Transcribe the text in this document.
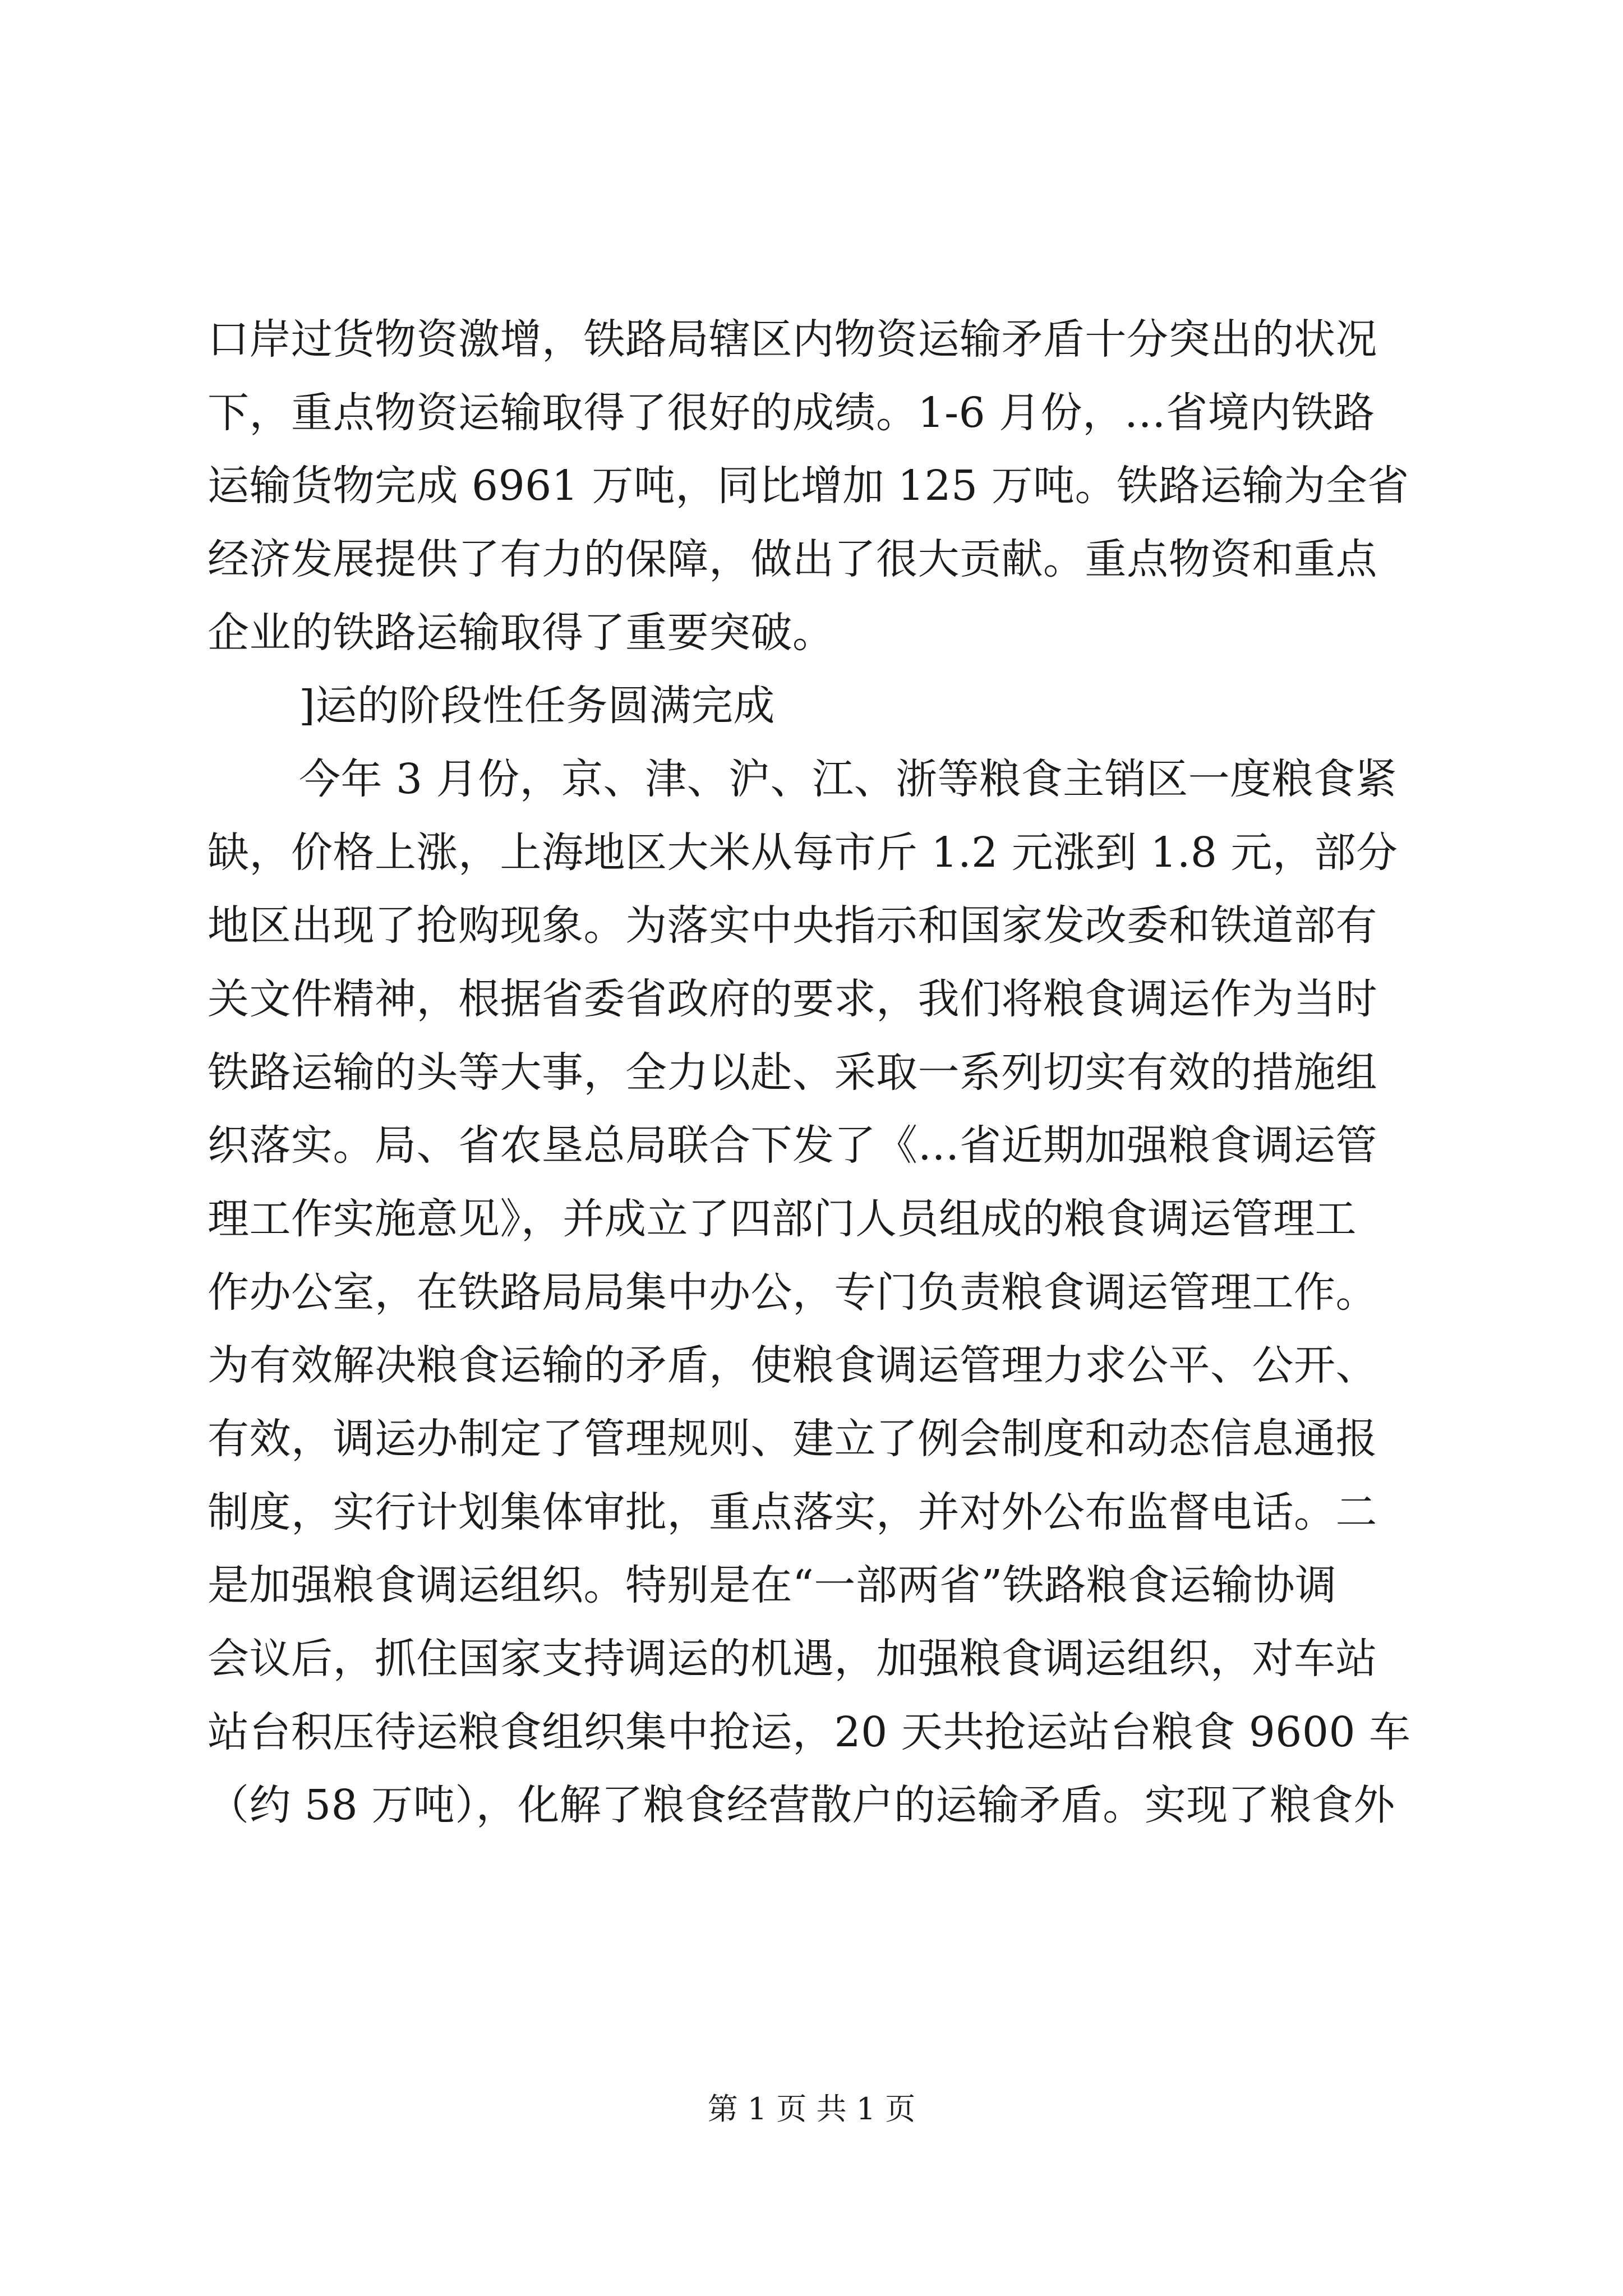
口岸过货物资激增，铁路局辖区内物资运输矛盾十分突出的状况
下，重点物资运输取得了很好的成绩。1-6 月份，…省境内铁路
运输货物完成 6961 万吨，同比增加 125 万吨。铁路运输为全省
经济发展提供了有力的保障，做出了很大贡献。重点物资和重点
企业的铁路运输取得了重要突破。
]运的阶段性任务圆满完成
今年 3 月份，京、津、沪、江、浙等粮食主销区一度粮食紧
缺，价格上涨，上海地区大米从每市斤 1.2 元涨到 1.8 元，部分
地区出现了抢购现象。为落实中央指示和国家发改委和铁道部有
关文件精神，根据省委省政府的要求，我们将粮食调运作为当时
铁路运输的头等大事，全力以赴、采取一系列切实有效的措施组
织落实。局、省农垦总局联合下发了《…省近期加强粮食调运管
理工作实施意见》，并成立了四部门人员组成的粮食调运管理工
作办公室，在铁路局局集中办公，专门负责粮食调运管理工作。
为有效解决粮食运输的矛盾，使粮食调运管理力求公平、公开、
有效，调运办制定了管理规则、建立了例会制度和动态信息通报
制度，实行计划集体审批，重点落实，并对外公布监督电话。二
是加强粮食调运组织。特别是在“一部两省”铁路粮食运输协调
会议后，抓住国家支持调运的机遇，加强粮食调运组织，对车站
站台积压待运粮食组织集中抢运，20 天共抢运站台粮食 9600 车
（约 58 万吨），化解了粮食经营散户的运输矛盾。实现了粮食外
第 1 页 共 1 页
